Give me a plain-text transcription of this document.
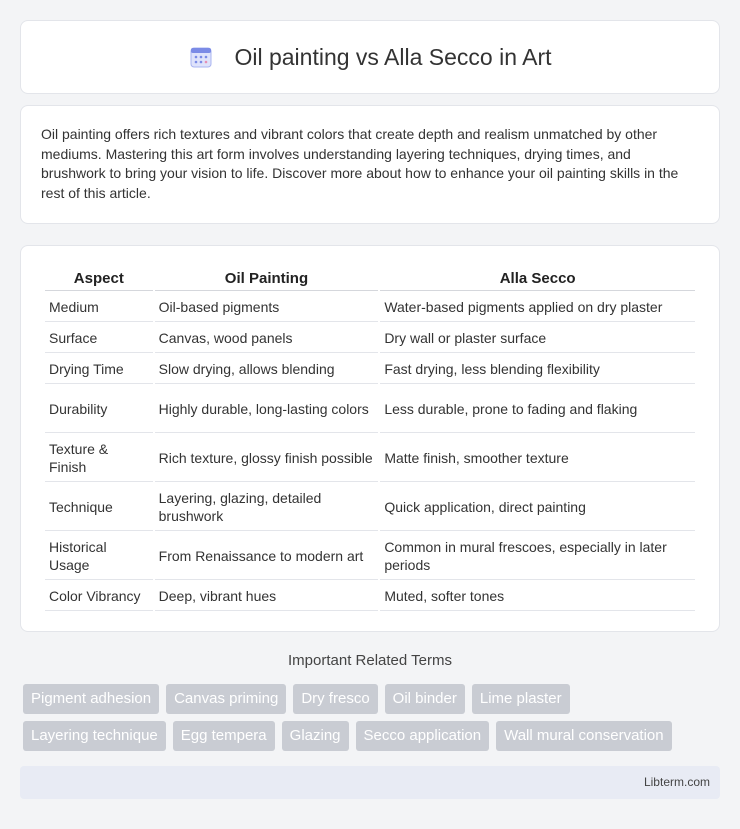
Oil painting vs Alla Secco in Art

Oil painting offers rich textures and vibrant colors that create depth and realism unmatched by other mediums. Mastering this art form involves understanding layering techniques, drying times, and brushwork to bring your vision to life. Discover more about how to enhance your oil painting skills in the rest of this article.

Aspect	Oil Painting	Alla Secco
Medium	Oil-based pigments	Water-based pigments applied on dry plaster
Surface	Canvas, wood panels	Dry wall or plaster surface
Drying Time	Slow drying, allows blending	Fast drying, less blending flexibility
Durability	Highly durable, long-lasting colors	Less durable, prone to fading and flaking
Texture & Finish	Rich texture, glossy finish possible	Matte finish, smoother texture
Technique	Layering, glazing, detailed brushwork	Quick application, direct painting
Historical Usage	From Renaissance to modern art	Common in mural frescoes, especially in later periods
Color Vibrancy	Deep, vibrant hues	Muted, softer tones
Important Related Terms
Pigment adhesion	Canvas priming	Dry fresco	Oil binder	Lime plaster
Layering technique	Egg tempera	Glazing	Secco application	Wall mural conservation
Libterm.com
